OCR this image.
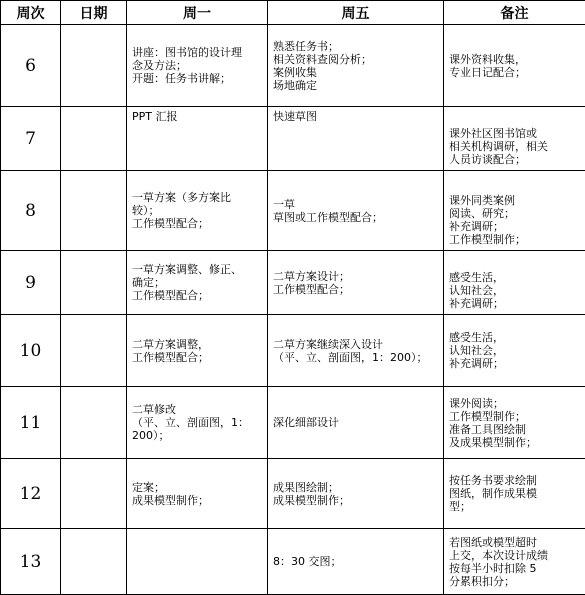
周次	日期	周一	周五	备注
6		讲座：图书馆的设计理
念及方法；
开题：任务书讲解；	熟悉任务书；
相关资料查阅分析；
案例收集
场地确定	课外资料收集，
专业日记配合；

7		PPT 汇报	快速草图	课外社区图书馆或
相关机构调研，相关
人员访谈配合；

8		一草方案（多方案比
较）；
工作模型配合；	一草
草图或工作模型配合；	课外同类案例
阅读、研究；
补充调研；
工作模型制作；

9		一草方案调整、修正、
确定；
工作模型配合；	二草方案设计；
工作模型配合；	感受生活，
认知社会，
补充调研；

10		二草方案调整，
工作模型配合；	二草方案继续深入设计
（平、立、剖面图，1：200）；	感受生活，
认知社会，
补充调研；

11		二草修改
（平、立、剖面图，1：
200）；	深化细部设计	课外阅读；
工作模型制作；
准备工具图绘制
及成果模型制作；

12		定案；
成果模型制作；	成果图绘制；
成果模型制作；	按任务书要求绘制
图纸，制作成果模
型；

13			8：30 交图；	若图纸或模型超时
上交，本次设计成绩
按每半小时扣除 5
分累积扣分；
